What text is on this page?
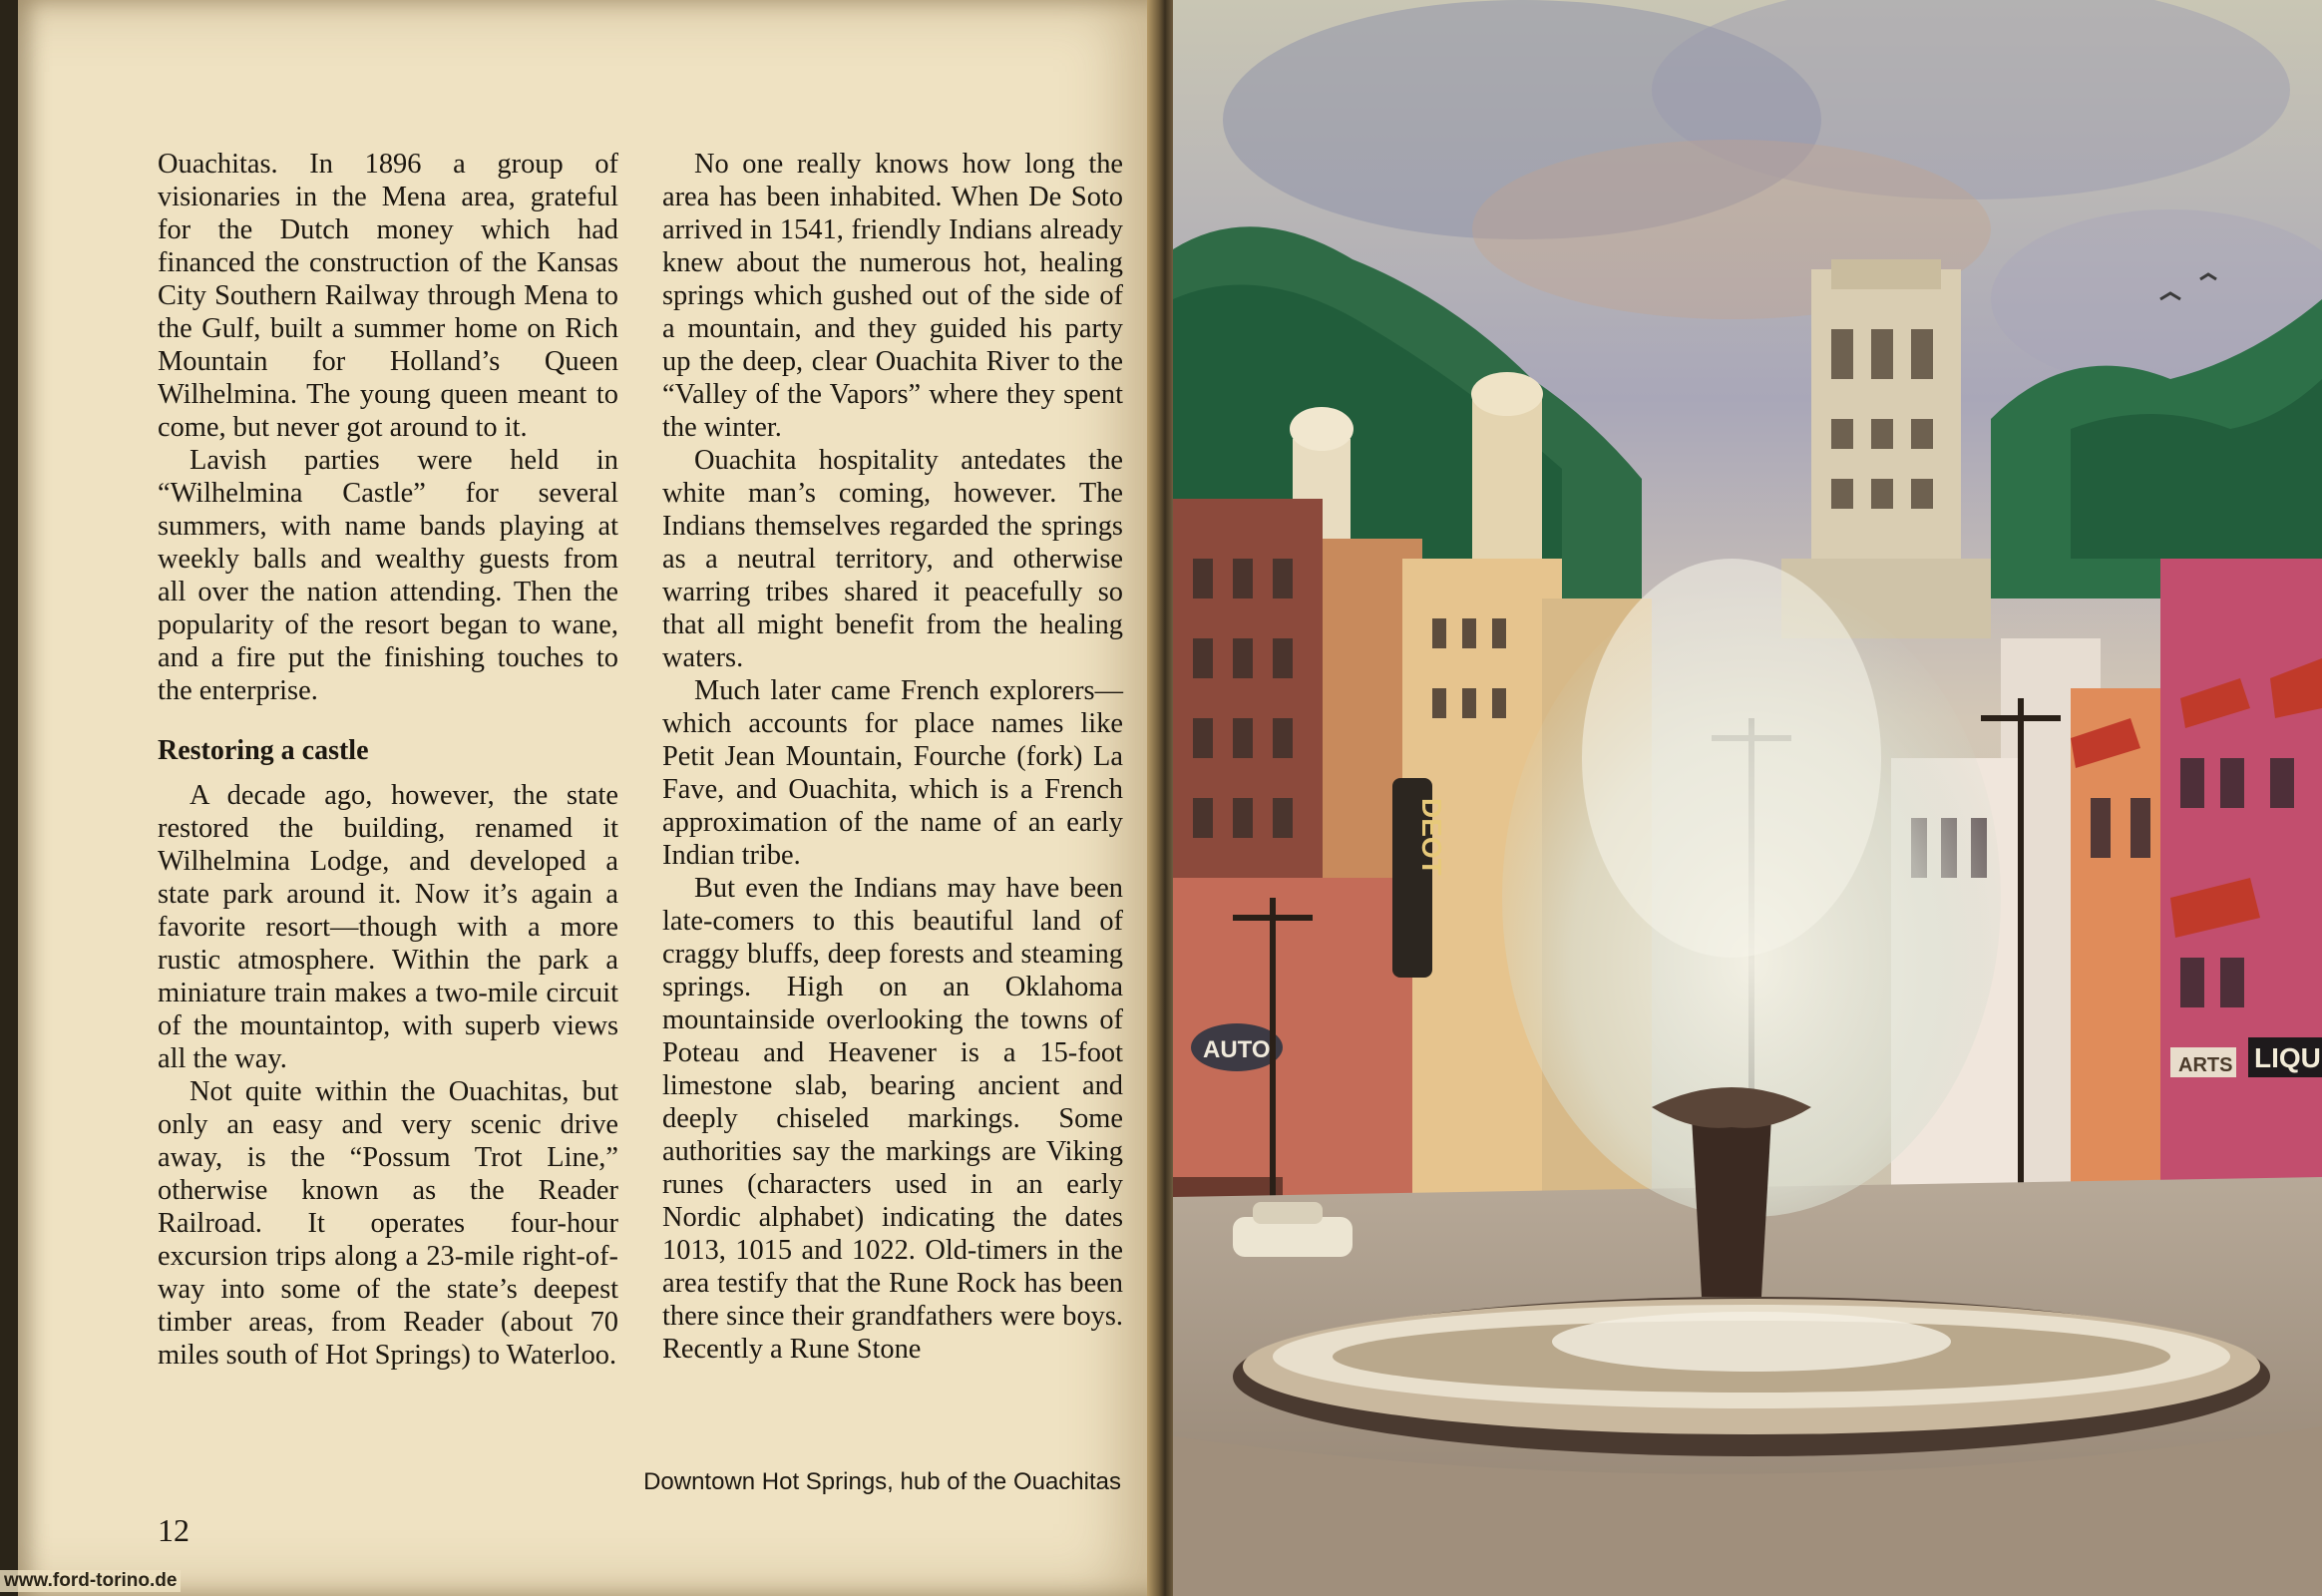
Ouachitas. In 1896 a group of visionaries in the Mena area, grateful for the Dutch money which had financed the construction of the Kansas City Southern Railway through Mena to the Gulf, built a summer home on Rich Mountain for Holland’s Queen Wilhelmina. The young queen meant to come, but never got around to it.

Lavish parties were held in “Wilhelmina Castle” for several summers, with name bands playing at weekly balls and wealthy guests from all over the nation attending. Then the popularity of the resort began to wane, and a fire put the finishing touches to the enterprise.

Restoring a castle

A decade ago, however, the state restored the building, renamed it Wilhelmina Lodge, and developed a state park around it. Now it’s again a favorite resort—though with a more rustic atmosphere. Within the park a miniature train makes a two-mile circuit of the mountaintop, with superb views all the way.

Not quite within the Ouachitas, but only an easy and very scenic drive away, is the “Possum Trot Line,” otherwise known as the Reader Railroad. It operates four-hour excursion trips along a 23-mile right-of-way into some of the state’s deepest timber areas, from Reader (about 70 miles south of Hot Springs) to Waterloo.

No one really knows how long the area has been inhabited. When De Soto arrived in 1541, friendly Indians already knew about the numerous hot, healing springs which gushed out of the side of a mountain, and they guided his party up the deep, clear Ouachita River to the “Valley of the Vapors” where they spent the winter.

Ouachita hospitality antedates the white man’s coming, however. The Indians themselves regarded the springs as a neutral territory, and otherwise warring tribes shared it peacefully so that all might benefit from the healing waters.

Much later came French explorers—which accounts for place names like Petit Jean Mountain, Fourche (fork) La Fave, and Ouachita, which is a French approximation of the name of an early Indian tribe.

But even the Indians may have been late-comers to this beautiful land of craggy bluffs, deep forests and steaming springs. High on an Oklahoma mountainside overlooking the towns of Poteau and Heavener is a 15-foot limestone slab, bearing ancient and deeply chiseled markings. Some authorities say the markings are Viking runes (characters used in an early Nordic alphabet) indicating the dates 1013, 1015 and 1022. Old-timers in the area testify that the Rune Rock has been there since their grandfathers were boys. Recently a Rune Stone

Downtown Hot Springs, hub of the Ouachitas
12
LIQU
ARTS
DEOT
AUTO
www.ford-torino.de
